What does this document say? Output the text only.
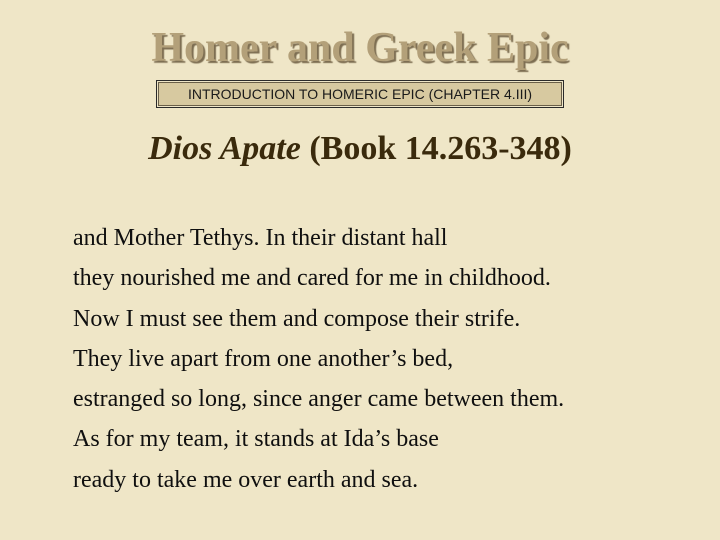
Homer and Greek Epic
INTRODUCTION TO HOMERIC EPIC (CHAPTER 4.III)
Dios Apate (Book 14.263-348)
and Mother Tethys. In their distant hall
they nourished me and cared for me in childhood.
Now I must see them and compose their strife.
They live apart from one another’s bed,
estranged so long, since anger came between them.
As for my team, it stands at Ida’s base
ready to take me over earth and sea.
